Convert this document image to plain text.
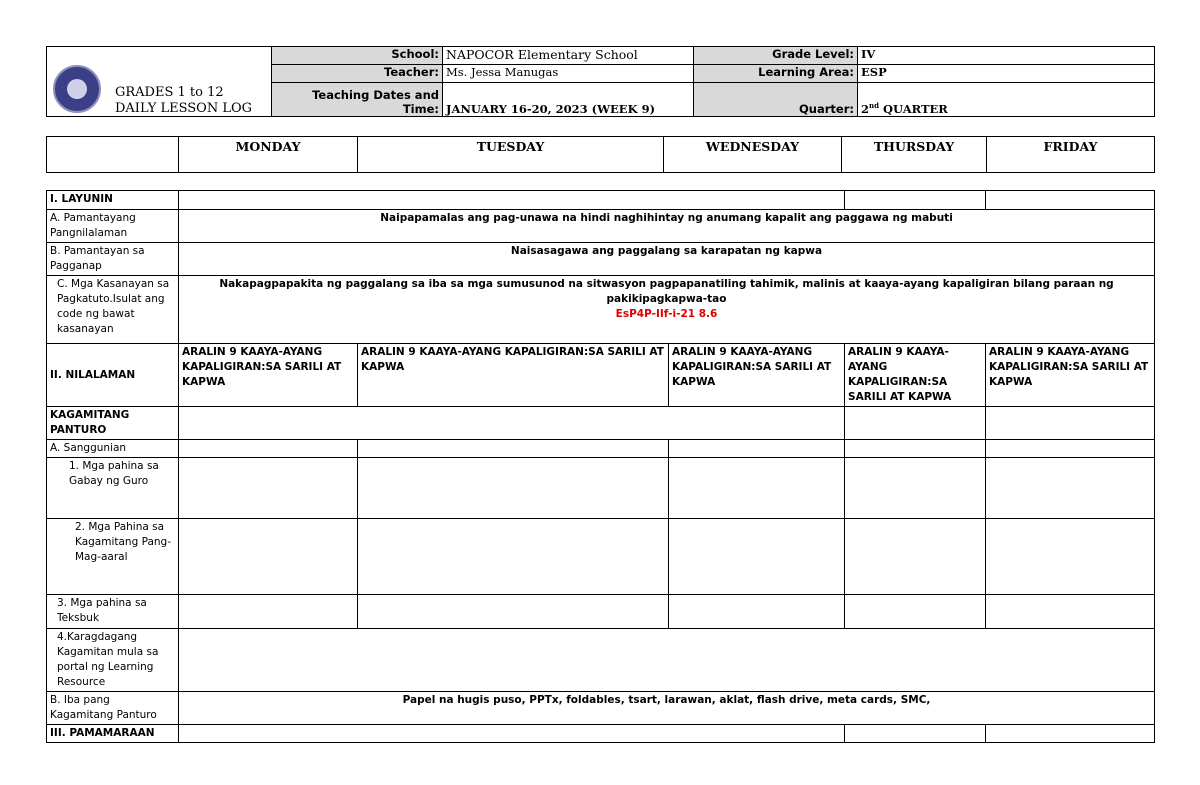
GRADES 1 to 12
DAILY LESSON LOG	School:	NAPOCOR Elementary School	Grade Level:	IV
	Teacher:	Ms. Jessa Manugas	Learning Area:	ESP
	Teaching Dates and Time:	JANUARY 16-20, 2023 (WEEK 9)	Quarter:	2nd QUARTER
	MONDAY	TUESDAY	WEDNESDAY	THURSDAY	FRIDAY
I. LAYUNIN					
A. Pamantayang Pangnilalaman	Naipapamalas ang pag-unawa na hindi naghihintay ng anumang kapalit ang paggawa ng mabuti				
B. Pamantayan sa Pagganap	Naisasagawa ang paggalang sa karapatan ng kapwa				
C. Mga Kasanayan sa Pagkatuto.Isulat ang code ng bawat kasanayan	Nakapagpapakita ng paggalang sa iba sa mga sumusunod na sitwasyon pagpapanatiling tahimik, malinis at kaaya-ayang kapaligiran bilang paraan ng pakikipagkapwa-tao
EsP4P-IIf-i-21 8.6				

II. NILALAMAN	ARALIN 9 KAAYA-AYANG KAPALIGIRAN:SA SARILI AT KAPWA	ARALIN 9 KAAYA-AYANG KAPALIGIRAN:SA SARILI AT KAPWA	ARALIN 9 KAAYA-AYANG KAPALIGIRAN:SA SARILI AT KAPWA	ARALIN 9 KAAYA-AYANG KAPALIGIRAN:SA SARILI AT KAPWA	ARALIN 9 KAAYA-AYANG KAPALIGIRAN:SA SARILI AT KAPWA
KAGAMITANG PANTURO					
A. Sanggunian					
1. Mga pahina sa Gabay ng Guro					
2. Mga Pahina sa Kagamitang Pang-Mag-aaral					
3. Mga pahina sa Teksbuk					
4.Karagdagang Kagamitan mula sa portal ng Learning Resource					
B. Iba pang Kagamitang Panturo	Papel na hugis puso, PPTx, foldables, tsart, larawan, aklat, flash drive, meta cards, SMC,				
III. PAMAMARAAN					
